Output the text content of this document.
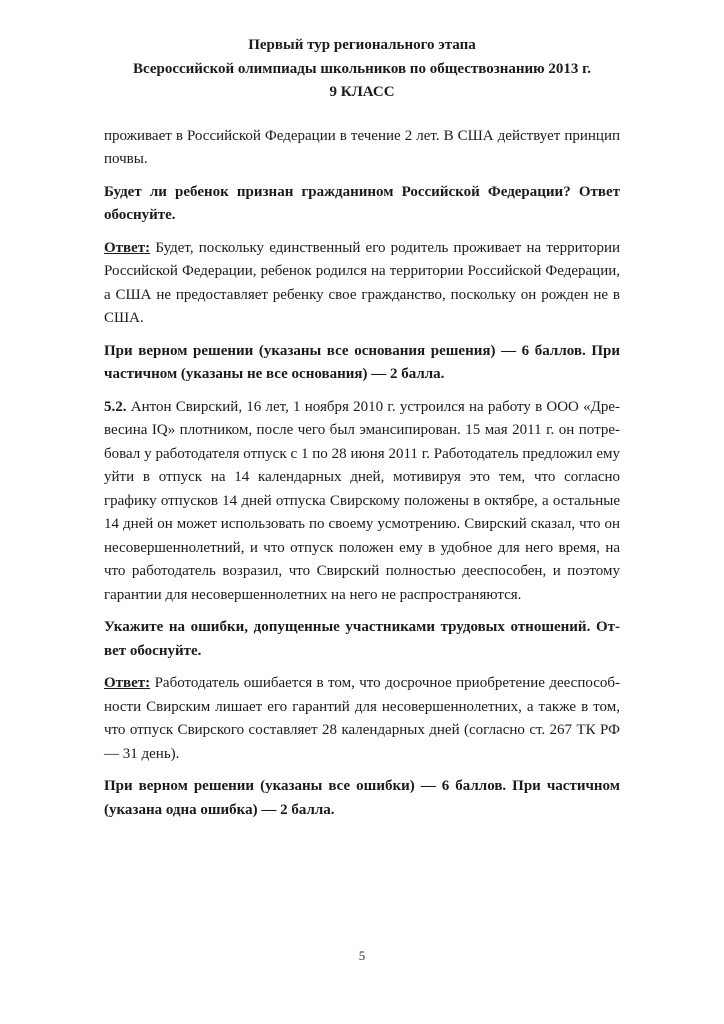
Первый тур регионального этапа
Всероссийской олимпиады школьников по обществознанию 2013 г.
9 КЛАСС

проживает в Российской Федерации в течение 2 лет. В США действует принцип почвы.

Будет ли ребенок признан гражданином Российской Федерации? Ответ обоснуйте.

Ответ: Будет, поскольку единственный его родитель проживает на территории Российской Федерации, ребенок родился на территории Российской Федерации, а США не предоставляет ребенку свое гражданство, поскольку он рожден не в США.

При верном решении (указаны все основания решения) — 6 баллов. При частичном (указаны не все основания) — 2 балла.

5.2. Антон Свирский, 16 лет, 1 ноября 2010 г. устроился на работу в ООО «Древесина IQ» плотником, после чего был эмансипирован. 15 мая 2011 г. он потребовал у работодателя отпуск с 1 по 28 июня 2011 г. Работодатель предложил ему уйти в отпуск на 14 календарных дней, мотивируя это тем, что согласно графику отпусков 14 дней отпуска Свирскому положены в октябре, а остальные 14 дней он может использовать по своему усмотрению. Свирский сказал, что он несовершеннолетний, и что отпуск положен ему в удобное для него время, на что работодатель возразил, что Свирский полностью дееспособен, и поэтому гарантии для несовершеннолетних на него не распространяются.

Укажите на ошибки, допущенные участниками трудовых отношений. Ответ обоснуйте.

Ответ: Работодатель ошибается в том, что досрочное приобретение дееспособности Свирским лишает его гарантий для несовершеннолетних, а также в том, что отпуск Свирского составляет 28 календарных дней (согласно ст. 267 ТК РФ — 31 день).

При верном решении (указаны все ошибки) — 6 баллов. При частичном (указана одна ошибка) — 2 балла.

5
